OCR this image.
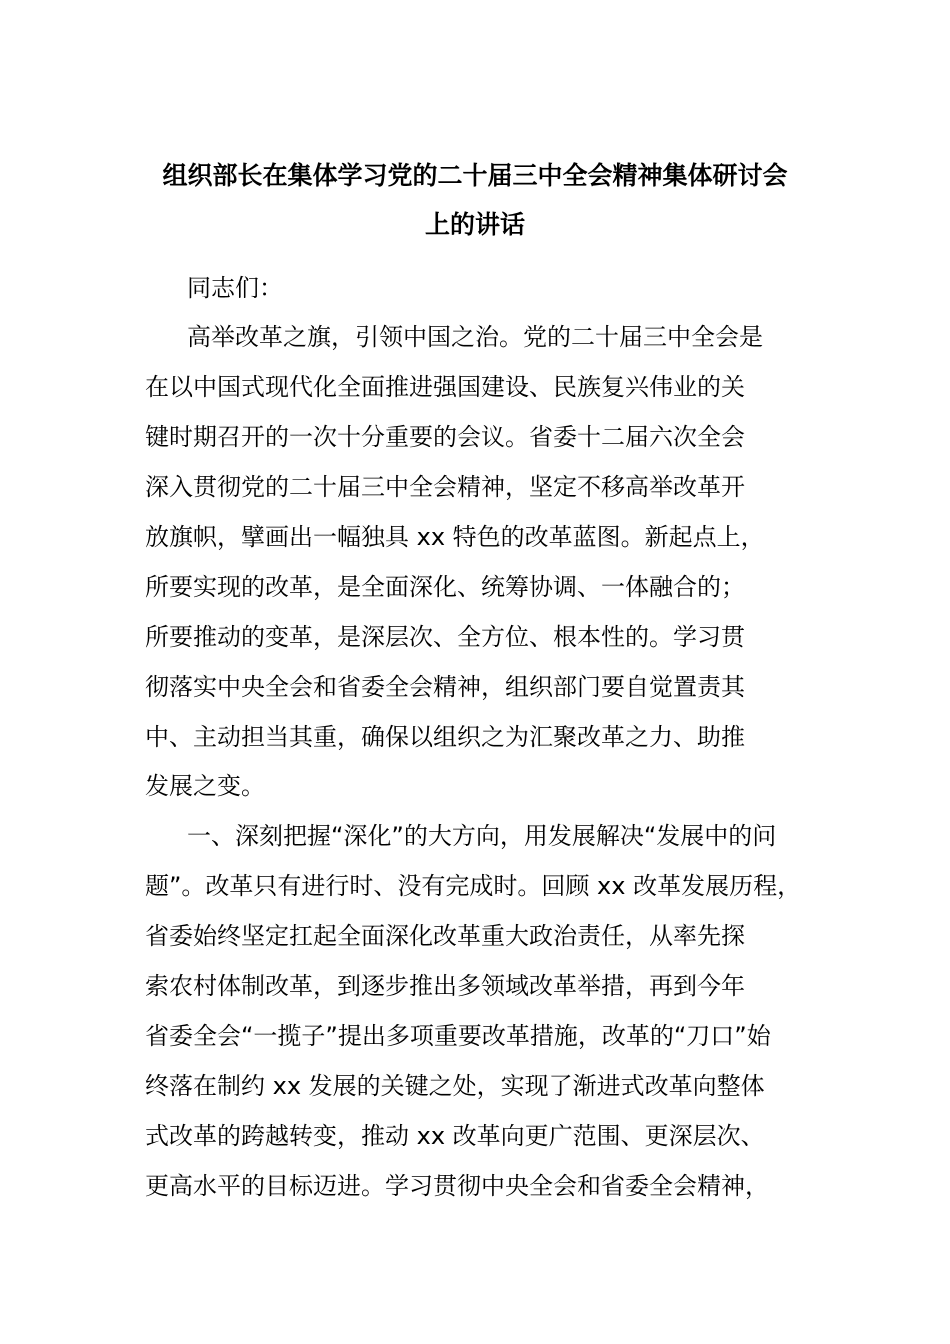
组织部长在集体学习党的二十届三中全会精神集体研讨会
上的讲话
同志们：
高举改革之旗，引领中国之治。党的二十届三中全会是
在以中国式现代化全面推进强国建设、民族复兴伟业的关
键时期召开的一次十分重要的会议。省委十二届六次全会
深入贯彻党的二十届三中全会精神，坚定不移高举改革开
放旗帜，擘画出一幅独具 xx 特色的改革蓝图。新起点上，
所要实现的改革，是全面深化、统筹协调、一体融合的；
所要推动的变革，是深层次、全方位、根本性的。学习贯
彻落实中央全会和省委全会精神，组织部门要自觉置责其
中、主动担当其重，确保以组织之为汇聚改革之力、助推
发展之变。
一、深刻把握“深化”的大方向，用发展解决“发展中的问
题”。改革只有进行时、没有完成时。回顾 xx 改革发展历程，
省委始终坚定扛起全面深化改革重大政治责任，从率先探
索农村体制改革，到逐步推出多领域改革举措，再到今年
省委全会“一揽子”提出多项重要改革措施，改革的“刀口”始
终落在制约 xx 发展的关键之处，实现了渐进式改革向整体
式改革的跨越转变，推动 xx 改革向更广范围、更深层次、
更高水平的目标迈进。学习贯彻中央全会和省委全会精神，
